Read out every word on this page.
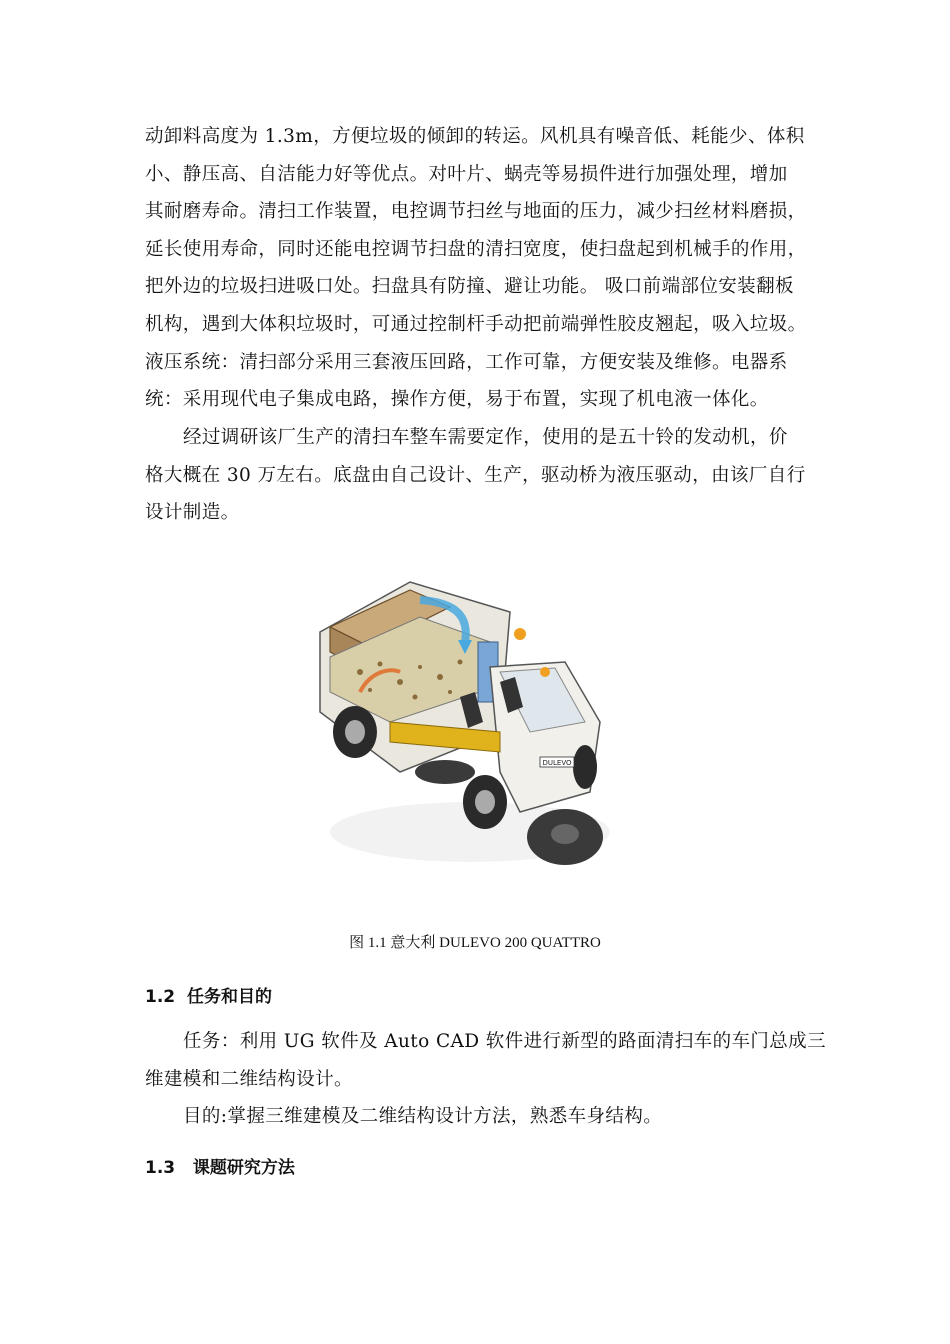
动卸料高度为 1.3m，方便垃圾的倾卸的转运。风机具有噪音低、耗能少、体积
小、静压高、自洁能力好等优点。对叶片、蜗壳等易损件进行加强处理，增加
其耐磨寿命。清扫工作装置，电控调节扫丝与地面的压力，减少扫丝材料磨损，
延长使用寿命，同时还能电控调节扫盘的清扫宽度，使扫盘起到机械手的作用，
把外边的垃圾扫进吸口处。扫盘具有防撞、避让功能。 吸口前端部位安装翻板
机构，遇到大体积垃圾时，可通过控制杆手动把前端弹性胶皮翘起，吸入垃圾。
液压系统：清扫部分采用三套液压回路，工作可靠，方便安装及维修。电器系
统：采用现代电子集成电路，操作方便，易于布置，实现了机电液一体化。

经过调研该厂生产的清扫车整车需要定作，使用的是五十铃的发动机，价
格大概在 30 万左右。底盘由自己设计、生产，驱动桥为液压驱动，由该厂自行
设计制造。

DULEVO
图 1.1 意大利 DULEVO 200 QUATTRO
1.2  任务和目的

任务：利用 UG 软件及 Auto CAD 软件进行新型的路面清扫车的车门总成三
维建模和二维结构设计。

目的:掌握三维建模及二维结构设计方法，熟悉车身结构。

1.3   课题研究方法
